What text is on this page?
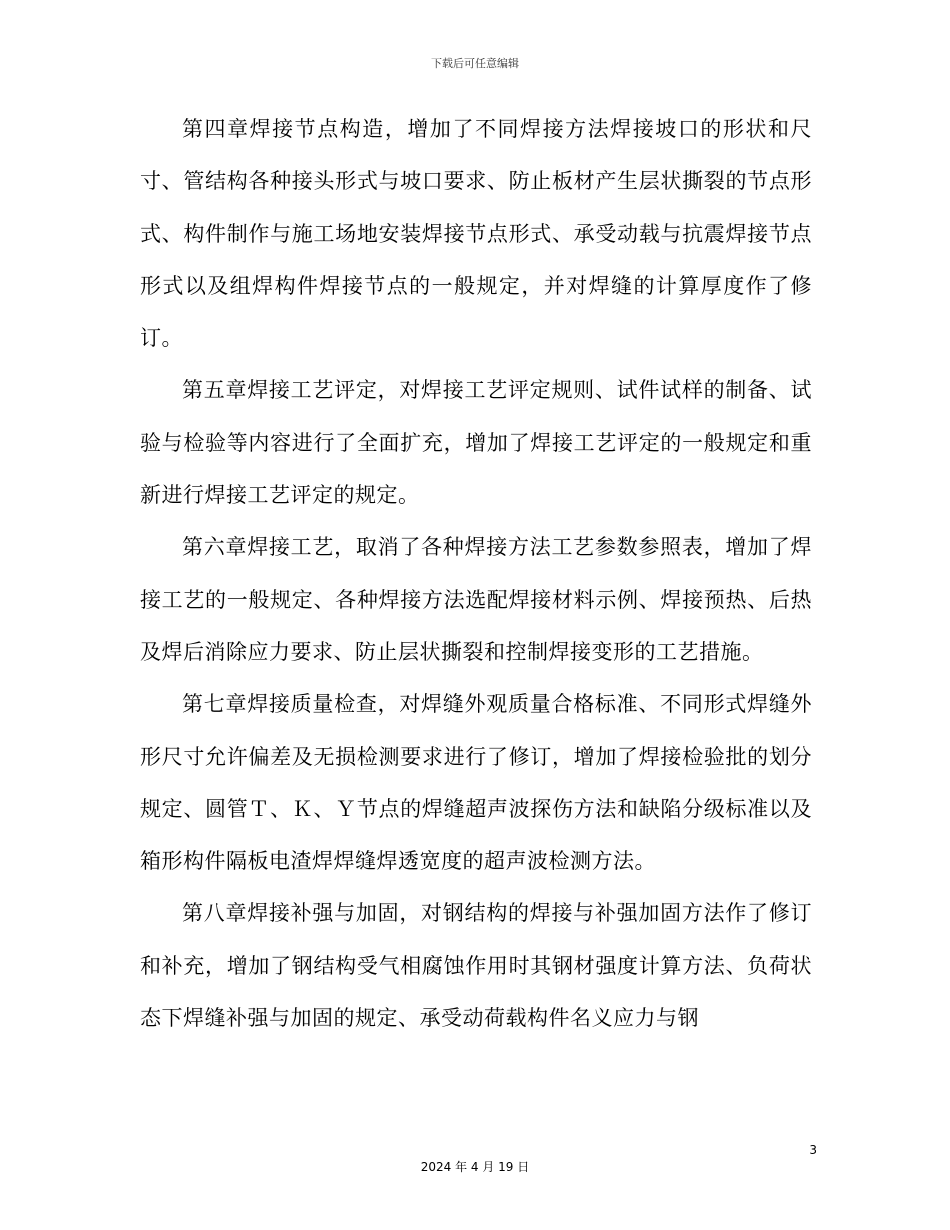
下载后可任意编辑

第四章焊接节点构造，增加了不同焊接方法焊接坡口的形状和尺寸、管结构各种接头形式与坡口要求、防止板材产生层状撕裂的节点形式、构件制作与施工场地安装焊接节点形式、承受动载与抗震焊接节点形式以及组焊构件焊接节点的一般规定，并对焊缝的计算厚度作了修订。

第五章焊接工艺评定，对焊接工艺评定规则、试件试样的制备、试验与检验等内容进行了全面扩充，增加了焊接工艺评定的一般规定和重新进行焊接工艺评定的规定。

第六章焊接工艺，取消了各种焊接方法工艺参数参照表，增加了焊接工艺的一般规定、各种焊接方法选配焊接材料示例、焊接预热、后热及焊后消除应力要求、防止层状撕裂和控制焊接变形的工艺措施。

第七章焊接质量检查，对焊缝外观质量合格标准、不同形式焊缝外形尺寸允许偏差及无损检测要求进行了修订，增加了焊接检验批的划分规定、圆管Ｔ、Ｋ、Ｙ节点的焊缝超声波探伤方法和缺陷分级标准以及箱形构件隔板电渣焊焊缝焊透宽度的超声波检测方法。

第八章焊接补强与加固，对钢结构的焊接与补强加固方法作了修订和补充，增加了钢结构受气相腐蚀作用时其钢材强度计算方法、负荷状态下焊缝补强与加固的规定、承受动荷载构件名义应力与钢

3
2024 年 4 月 19 日
